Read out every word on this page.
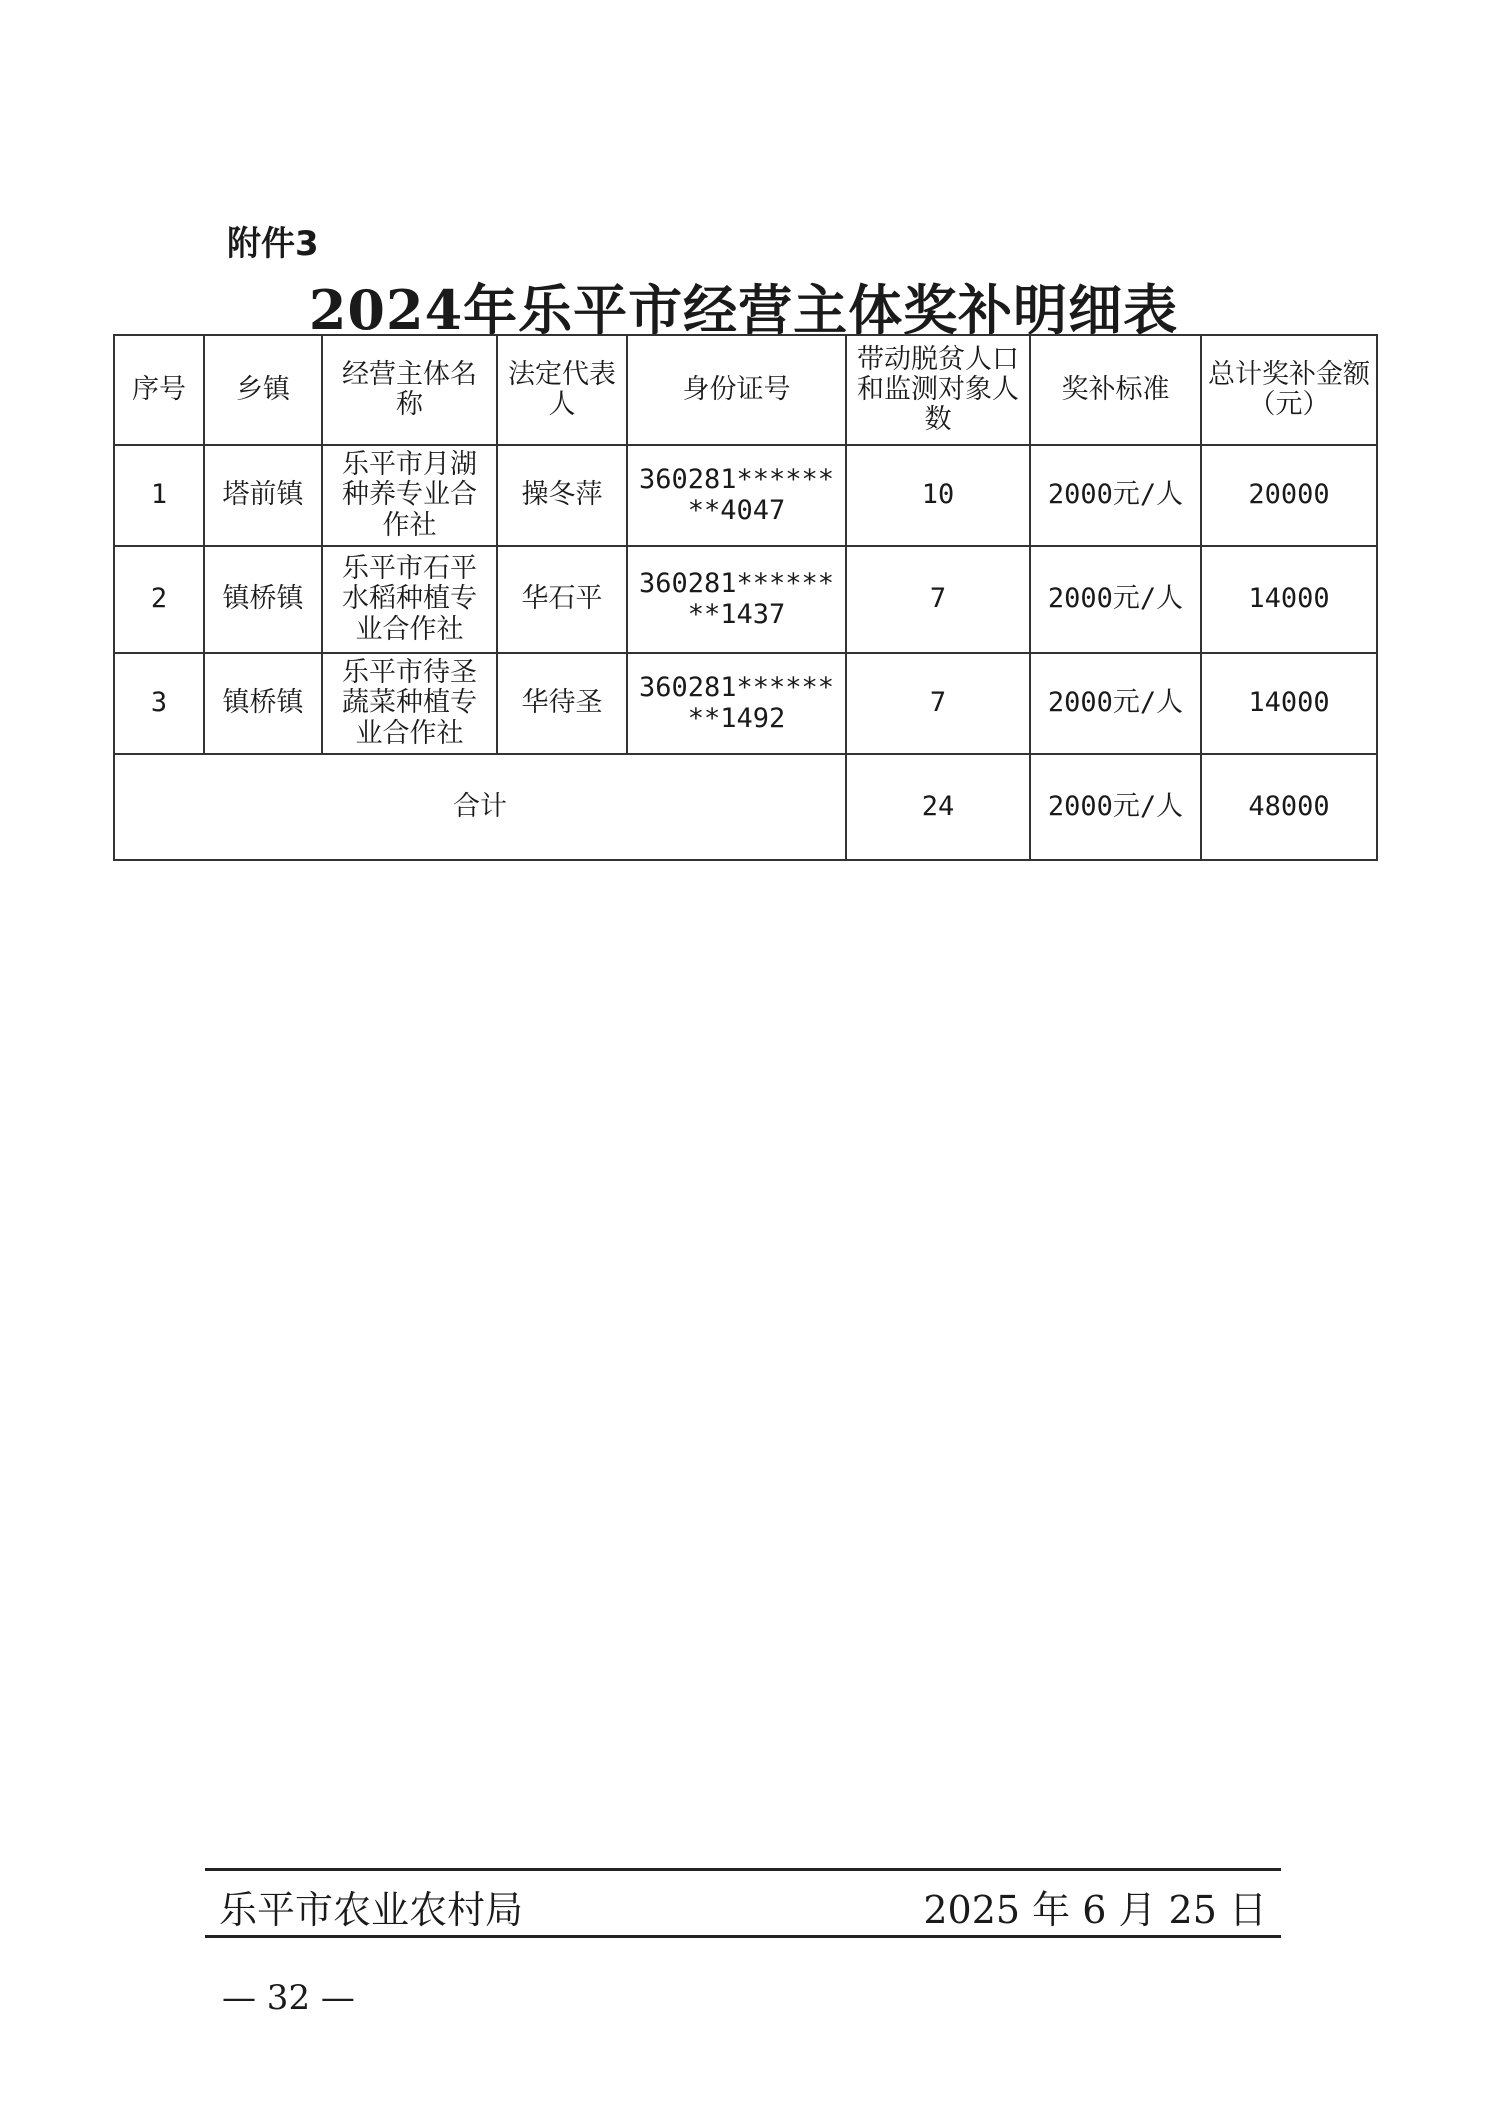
附件3
2024年乐平市经营主体奖补明细表
序号	乡镇	经营主体名称	法定代表人	身份证号	带动脱贫人口和监测对象人数	奖补标准	总计奖补金额（元）
1	塔前镇	乐平市月湖种养专业合作社	操冬萍	360281********4047	10	2000元/人	20000
2	镇桥镇	乐平市石平水稻种植专业合作社	华石平	360281********1437	7	2000元/人	14000
3	镇桥镇	乐平市待圣蔬菜种植专业合作社	华待圣	360281********1492	7	2000元/人	14000
合计					24	2000元/人	48000
乐平市农业农村局	2025 年 6 月 25 日
— 32 —
